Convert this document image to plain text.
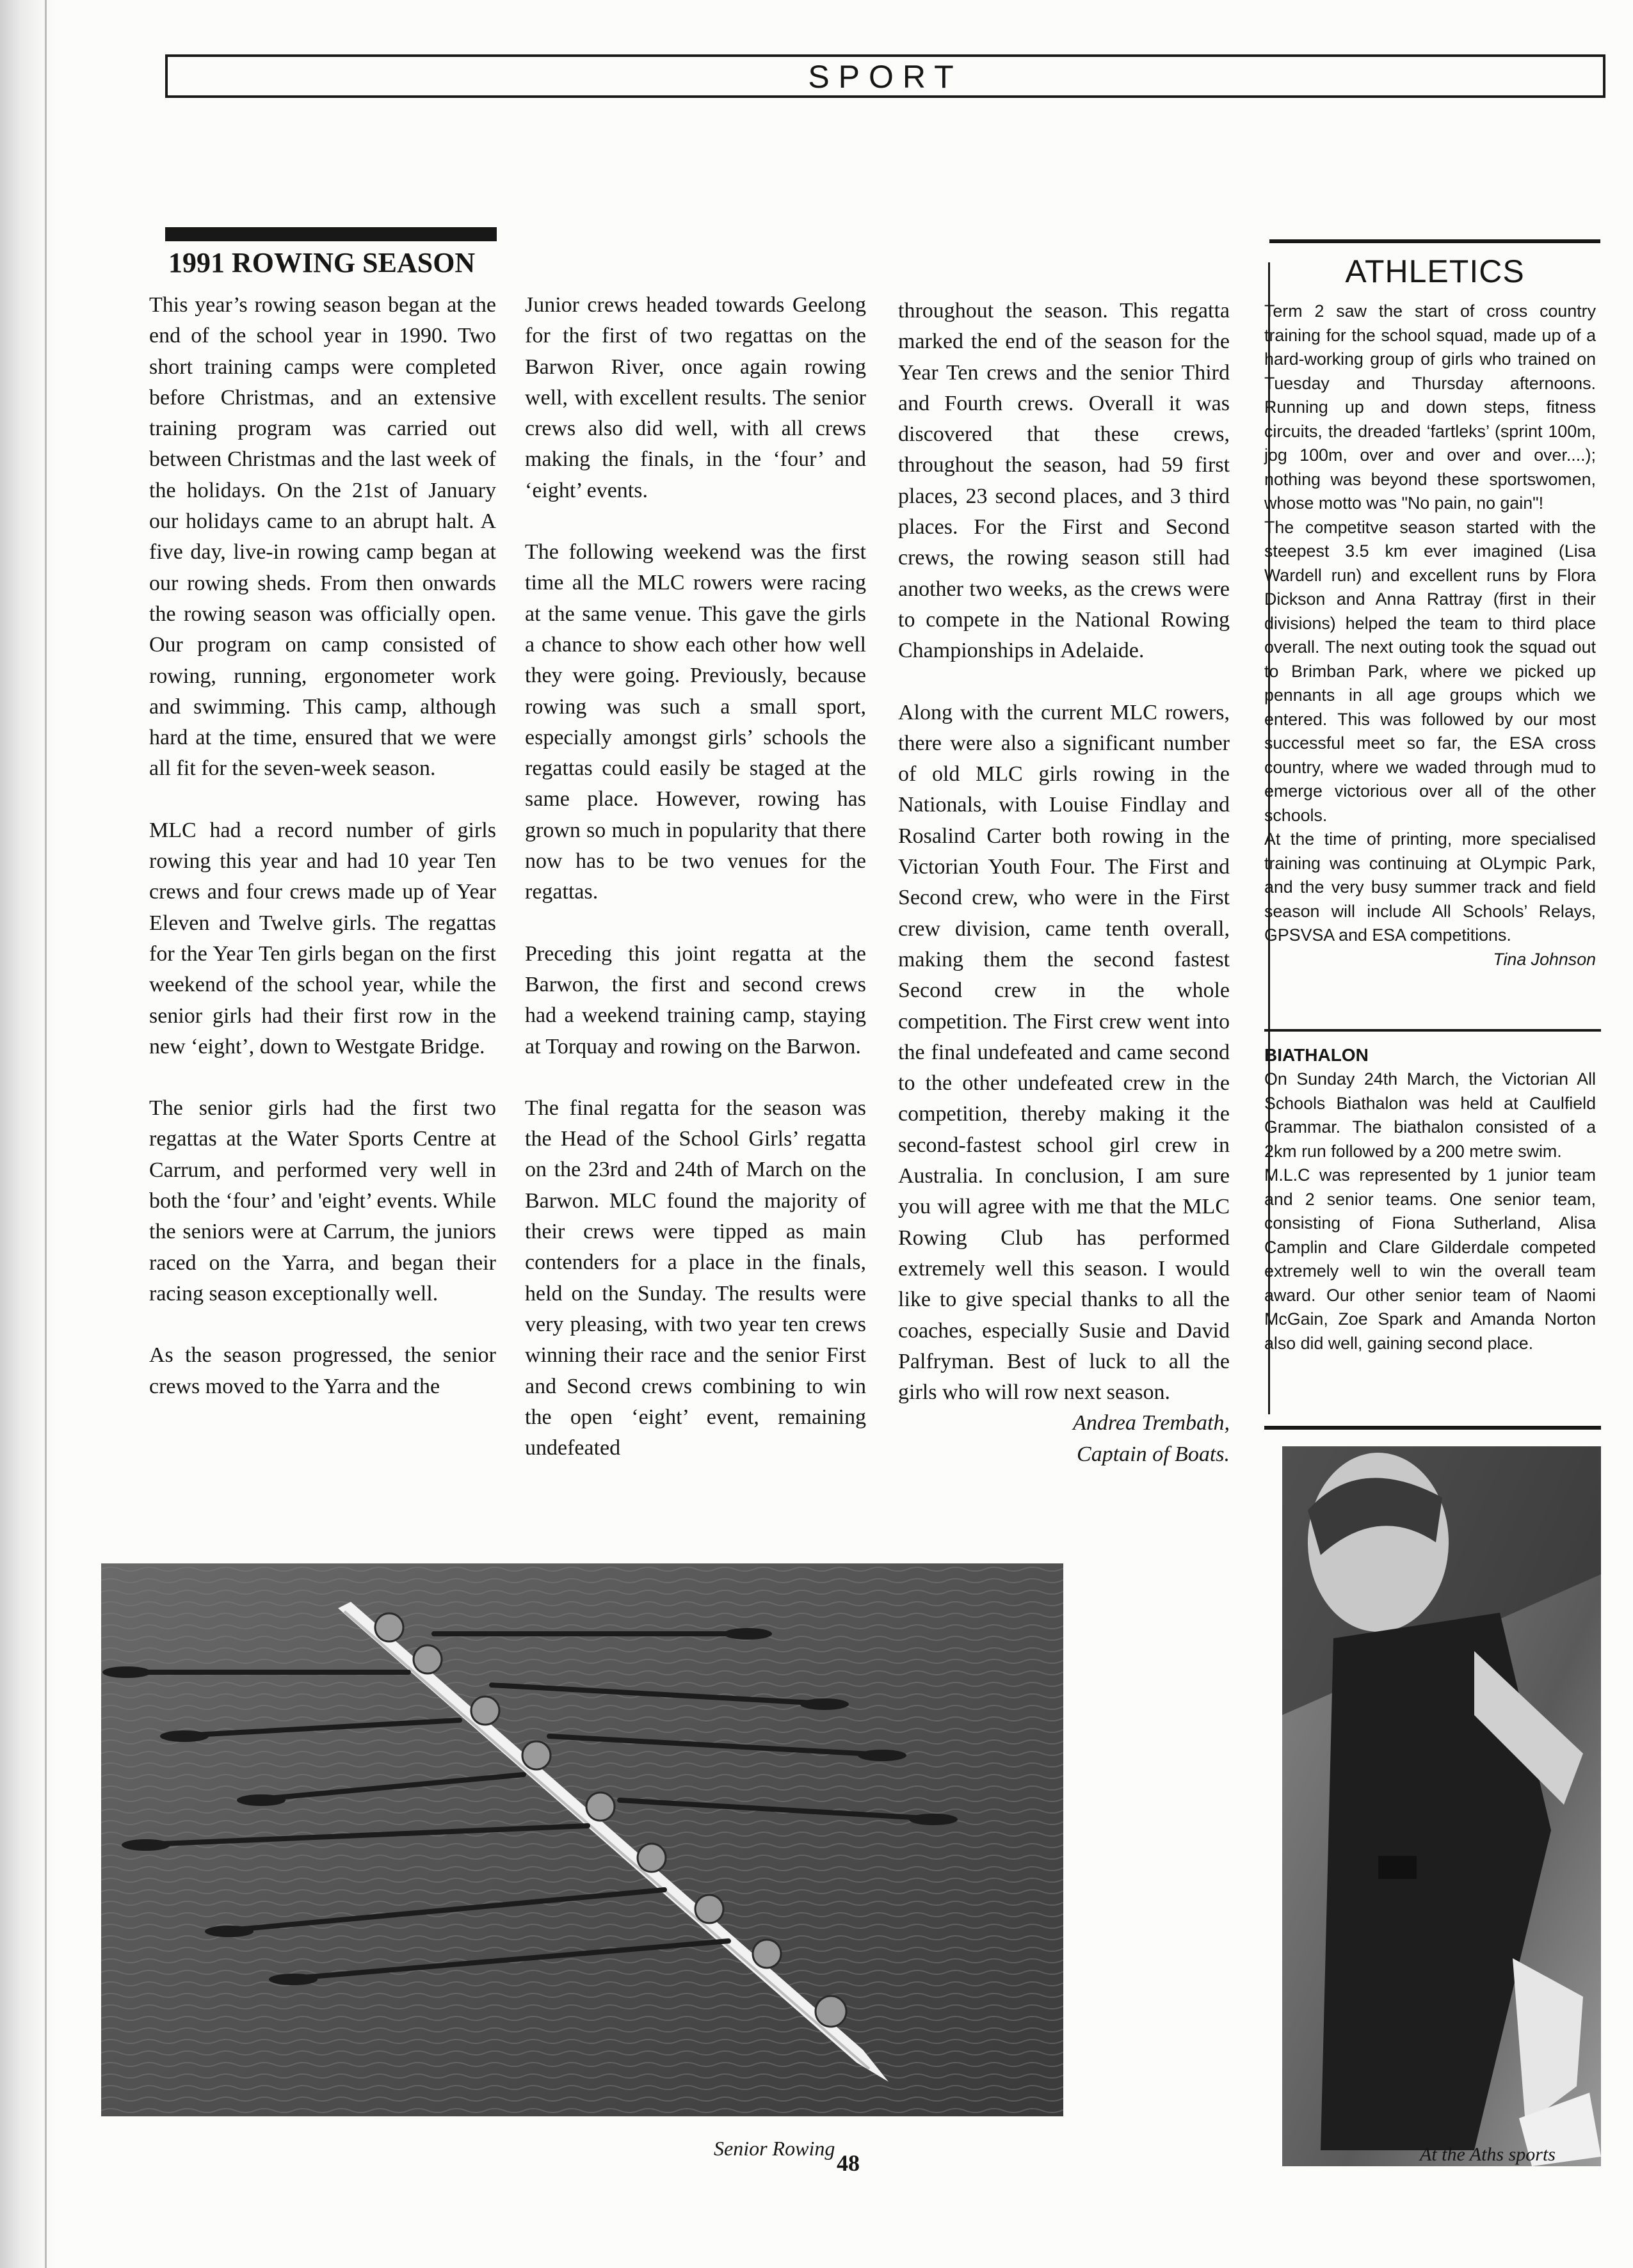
SPORT
1991 ROWING SEASON

This year’s rowing season began at the end of the school year in 1990. Two short training camps were completed before Christmas, and an extensive training program was carried out between Christmas and the last week of the holidays. On the 21st of January our holidays came to an abrupt halt. A five day, live-in rowing camp began at our rowing sheds. From then onwards the rowing season was officially open. Our program on camp consisted of rowing, running, ergonometer work and swimming. This camp, although hard at the time, ensured that we were all fit for the seven-week season.

MLC had a record number of girls rowing this year and had 10 year Ten crews and four crews made up of Year Eleven and Twelve girls. The regattas for the Year Ten girls began on the first weekend of the school year, while the senior girls had their first row in the new ‘eight’, down to Westgate Bridge.

The senior girls had the first two regattas at the Water Sports Centre at Carrum, and performed very well in both the ‘four’ and 'eight’ events. While the seniors were at Carrum, the juniors raced on the Yarra, and began their racing season exceptionally well.

As the season progressed, the senior crews moved to the Yarra and the

Junior crews headed towards Geelong for the first of two regattas on the Barwon River, once again rowing well, with excellent results. The senior crews also did well, with all crews making the finals, in the ‘four’ and ‘eight’ events.

The following weekend was the first time all the MLC rowers were racing at the same venue. This gave the girls a chance to show each other how well they were going. Previously, because rowing was such a small sport, especially amongst girls’ schools the regattas could easily be staged at the same place. However, rowing has grown so much in popularity that there now has to be two venues for the regattas.

Preceding this joint regatta at the Barwon, the first and second crews had a weekend training camp, staying at Torquay and rowing on the Barwon.

The final regatta for the season was the Head of the School Girls’ regatta on the 23rd and 24th of March on the Barwon. MLC found the majority of their crews were tipped as main contenders for a place in the finals, held on the Sunday. The results were very pleasing, with two year ten crews winning their race and the senior First and Second crews combining to win the open ‘eight’ event, remaining undefeated

throughout the season. This regatta marked the end of the season for the Year Ten crews and the senior Third and Fourth crews. Overall it was discovered that these crews, throughout the season, had 59 first places, 23 second places, and 3 third places. For the First and Second crews, the rowing season still had another two weeks, as the crews were to compete in the National Rowing Championships in Adelaide.

Along with the current MLC rowers, there were also a significant number of old MLC girls rowing in the Nationals, with Louise Findlay and Rosalind Carter both rowing in the Victorian Youth Four. The First and Second crew, who were in the First crew division, came tenth overall, making them the second fastest Second crew in the whole competition. The First crew went into the final undefeated and came second to the other undefeated crew in the competition, thereby making it the second-fastest school girl crew in Australia. In conclusion, I am sure you will agree with me that the MLC Rowing Club has performed extremely well this season. I would like to give special thanks to all the coaches, especially Susie and David Palfryman. Best of luck to all the girls who will row next season.

Andrea Trembath,
Captain of Boats.
ATHLETICS

Term 2 saw the start of cross country training for the school squad, made up of a hard-working group of girls who trained on Tuesday and Thursday afternoons. Running up and down steps, fitness circuits, the dreaded ‘fartleks’ (sprint 100m, jog 100m, over and over and over....); nothing was beyond these sportswomen, whose motto was "No pain, no gain"!

The competitve season started with the steepest 3.5 km ever imagined (Lisa Wardell run) and excellent runs by Flora Dickson and Anna Rattray (first in their divisions) helped the team to third place overall. The next outing took the squad out to Brimban Park, where we picked up pennants in all age groups which we entered. This was followed by our most successful meet so far, the ESA cross country, where we waded through mud to emerge victorious over all of the other schools.

At the time of printing, more specialised training was continuing at OLympic Park, and the very busy summer track and field season will include All Schools’ Relays, GPSVSA and ESA competitions.

Tina Johnson

BIATHALON

On Sunday 24th March, the Victorian All Schools Biathalon was held at Caulfield Grammar. The biathalon consisted of a 2km run followed by a 200 metre swim.

M.L.C was represented by 1 junior team and 2 senior teams. One senior team, consisting of Fiona Sutherland, Alisa Camplin and Clare Gilderdale competed extremely well to win the overall team award. Our other senior team of Naomi McGain, Zoe Spark and Amanda Norton also did well, gaining second place.

Senior Rowing
48	At the Aths sports
